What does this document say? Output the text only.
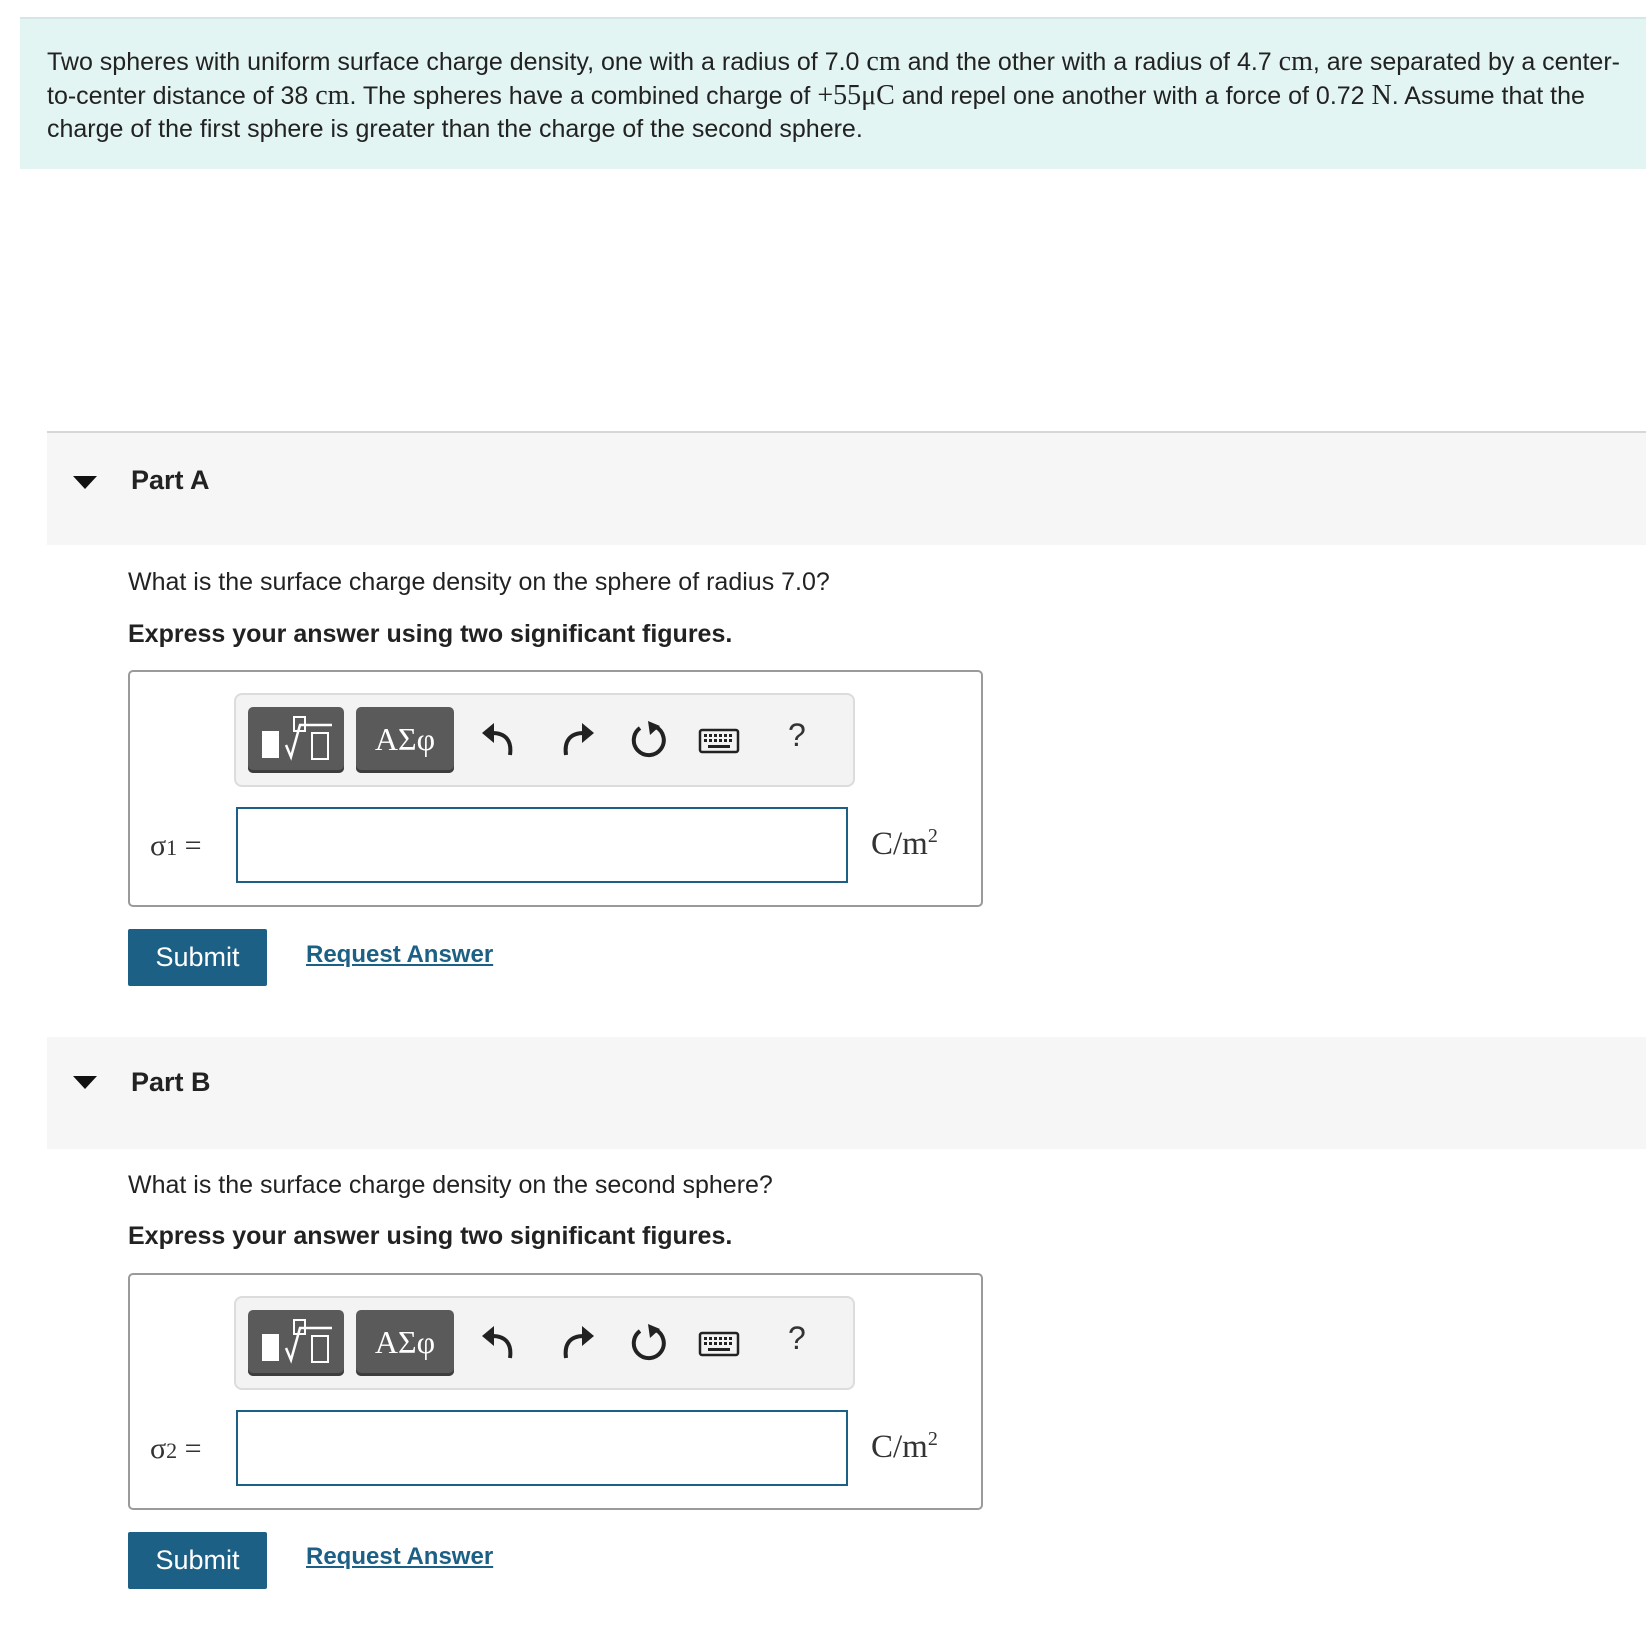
Two spheres with uniform surface charge density, one with a radius of 7.0 cm and the other with a radius of 4.7 cm, are separated by a center-to-center distance of 38 cm. The spheres have a combined charge of +55μC and repel one another with a force of 0.72 N. Assume that the charge of the first sphere is greater than the charge of the second sphere.
Part A
What is the surface charge density on the sphere of radius 7.0?
Express your answer using two significant figures.
ΑΣφ	?
σ1 =	$C/m^2$
Submit	Request Answer
Part B
What is the surface charge density on the second sphere?
Express your answer using two significant figures.
ΑΣφ	?
σ2 =	$C/m^2$
Submit	Request Answer
